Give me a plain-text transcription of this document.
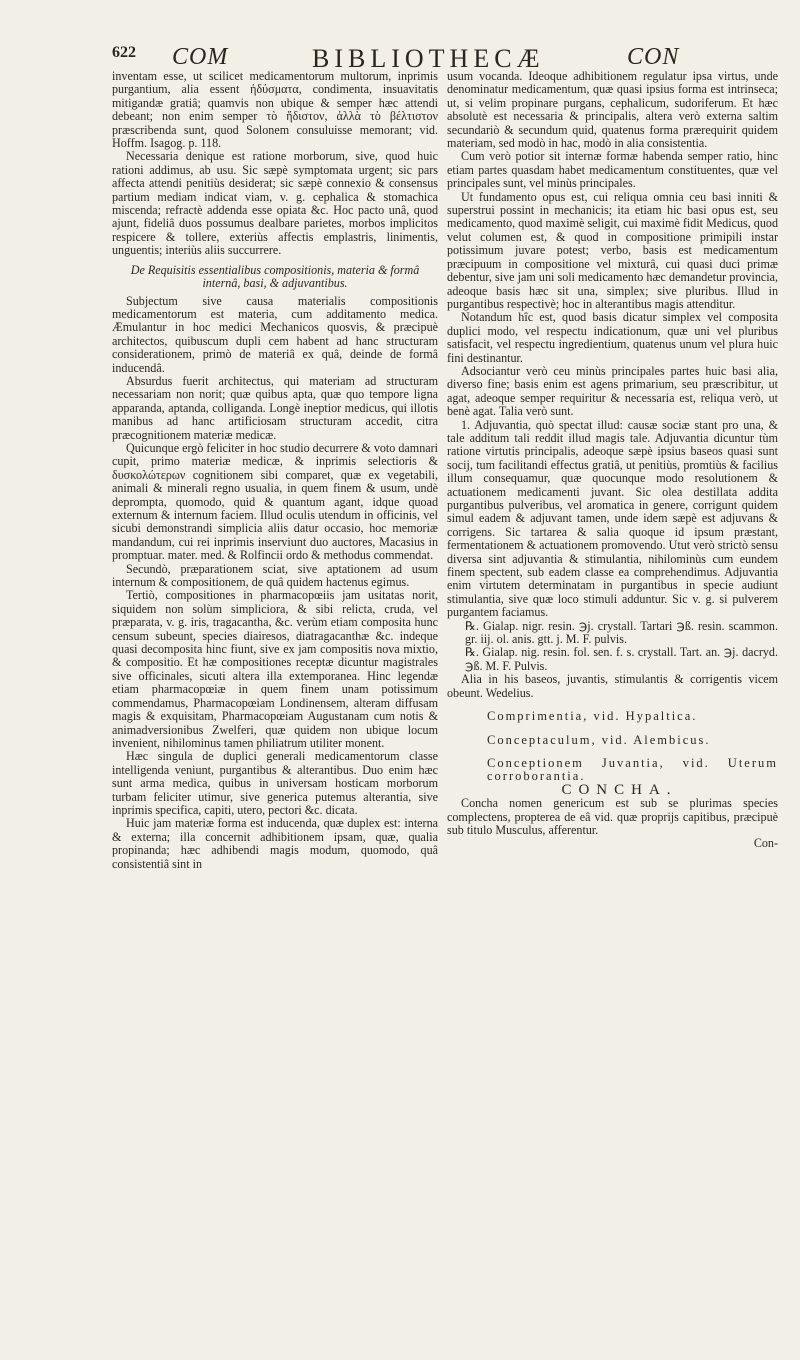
622 COM	BIBLIOTHECÆ	CON

inventam esse, ut scilicet medicamentorum multorum, inprimis purgantium, alia essent ἡδύσματα, condimenta, insuavitatis mitigandæ gratiâ; quamvis non ubique & semper hæc attendi debeant; non enim semper τὸ ἥδιστον, ἀλλὰ τὸ βέλτιστον præscribenda sunt, quod Solonem consuluisse memorant; vid. Hoffm. Isagog. p. 118.

Necessaria denique est ratione morborum, sive, quod huic rationi addimus, ab usu. Sic sæpè symptomata urgent; sic pars affecta attendi penitiùs desiderat; sic sæpè connexio & consensus partium mediam indicat viam, v. g. cephalica & stomachica miscenda; refractè addenda esse opiata &c. Hoc pacto unâ, quod ajunt, fideliâ duos possumus dealbare parietes, morbos implicitos respicere & tollere, exteriùs affectis emplastris, linimentis, unguentis; interiùs aliis succurrere.

De Requisitis essentialibus compositionis, materia & formâ internâ, basi, & adjuvantibus.

Subjectum sive causa materialis compositionis medicamentorum est materia, cum additamento medica. Æmulantur in hoc medici Mechanicos quosvis, & præcipuè architectos, quibuscum dupli cem habent ad hanc structuram considerationem, primò de materiâ ex quâ, deinde de formâ inducendâ.

Absurdus fuerit architectus, qui materiam ad structuram necessariam non norit; quæ quibus apta, quæ quo tempore ligna apparanda, aptanda, colliganda. Longè ineptior medicus, qui illotis manibus ad hanc artificiosam structuram accedit, citra præcognitionem materiæ medicæ.

Quicunque ergò feliciter in hoc studio decurrere & voto damnari cupit, primo materiæ medicæ, & inprimis selectioris & δυσκολώτερων cognitionem sibi comparet, quæ ex vegetabili, animali & minerali regno usualia, in quem finem & usum, undè deprompta, quomodo, quid & quantum agant, idque quoad externum & internum faciem. Illud oculis utendum in officinis, vel sicubi demonstrandi simplicia aliis datur occasio, hoc memoriæ mandandum, cui rei inprimis inserviunt duo auctores, Macasius in promptuar. mater. med. & Rolfincii ordo & methodus commendat.

Secundò, præparationem sciat, sive aptationem ad usum internum & compositionem, de quâ quidem hactenus egimus.

Tertiò, compositiones in pharmacopœiis jam usitatas norit, siquidem non solùm simpliciora, & sibi relicta, cruda, vel præparata, v. g. iris, tragacantha, &c. verùm etiam composita hunc censum subeunt, species diairesos, diatragacanthæ &c. indeque quasi decomposita hinc fiunt, sive ex jam compositis nova mixtio, & compositio. Et hæ compositiones receptæ dicuntur magistrales sive officinales, sicuti altera illa extemporanea. Hinc legendæ etiam pharmacopœiæ in quem finem unam potissimum commendamus, Pharmacopœiam Londinensem, alteram diffusam magis & exquisitam, Pharmacopœiam Augustanam cum notis & animadversionibus Zwelferi, quæ quidem non ubique locum invenient, nihilominus tamen philiatrum utiliter monent.

Hæc singula de duplici generali medicamentorum classe intelligenda veniunt, purgantibus & alterantibus. Duo enim hæc sunt arma medica, quibus in universam hosticam morborum turbam feliciter utimur, sive generica putemus alterantia, sive inprimis specifica, capiti, utero, pectori &c. dicata.

Huic jam materiæ forma est inducenda, quæ duplex est: interna & externa; illa concernit adhibitionem ipsam, quæ, qualia propinanda; hæc adhibendi magis modum, quomodo, quâ consistentiâ sint in

usum vocanda. Ideoque adhibitionem regulatur ipsa virtus, unde denominatur medicamentum, quæ quasi ipsius forma est intrinseca; ut, si velim propinare purgans, cephalicum, sudoriferum. Et hæc absolutè est necessaria & principalis, altera verò externa saltim secundariò & secundum quid, quatenus forma prærequirit quidem materiam, sed modò in hac, modò in alia consistentia.

Cum verò potior sit internæ formæ habenda semper ratio, hinc etiam partes quasdam habet medicamentum constituentes, quæ vel principales sunt, vel minùs principales.

Ut fundamento opus est, cui reliqua omnia ceu basi inniti & superstrui possint in mechanicis; ita etiam hic basi opus est, seu medicamento, quod maximè seligit, cui maximè fidit Medicus, quod velut columen est, & quod in compositione primipili instar potissimum juvare potest; verbo, basis est medicamentum præcipuum in compositione vel mixturâ, cui quasi duci primæ debentur, sive jam uni soli medicamento hæc demandetur provincia, adeoque basis hæc sit una, simplex; sive pluribus. Illud in purgantibus respectivè; hoc in alterantibus magis attenditur.

Notandum hîc est, quod basis dicatur simplex vel composita duplici modo, vel respectu indicationum, quæ uni vel pluribus satisfacit, vel respectu ingredientium, quatenus unum vel plura huic fini destinantur.

Adsociantur verò ceu minùs principales partes huic basi alia, diverso fine; basis enim est agens primarium, seu præscribitur, ut agat, adeoque semper requiritur & necessaria est, reliqua verò, ut benè agat. Talia verò sunt.

1. Adjuvantia, quò spectat illud: causæ sociæ stant pro una, & tale additum tali reddit illud magis tale. Adjuvantia dicuntur tùm ratione virtutis principalis, adeoque sæpè ipsius baseos quasi sunt socij, tum facilitandi effectus gratiâ, ut penitiùs, promtiùs & facilius illum consequamur, quæ quocunque modo resolutionem & actuationem medicamenti juvant. Sic olea destillata addita purgantibus pulveribus, vel aromatica in genere, corrigunt quidem simul eadem & adjuvant tamen, unde idem sæpè est adjuvans & corrigens. Sic tartarea & salia quoque id ipsum præstant, fermentationem & actuationem promovendo. Utut verò strictò sensu diversa sint adjuvantia & stimulantia, nihilominùs cum eundem finem spectent, sub eadem classe ea comprehendimus. Adjuvantia enim virtutem determinatam in purgantibus in specie audiunt stimulantia, sive quæ loco stimuli adduntur. Sic v. g. si pulverem purgantem faciamus.

℞. Gialap. nigr. resin. ℈j. crystall. Tartari ℈ß. resin. scammon. gr. iij. ol. anis. gtt. j. M. F. pulvis.

℞. Gialap. nig. resin. fol. sen. f. s. crystall. Tart. an. ℈j. dacryd. ℈ß. M. F. Pulvis.

Alia in his baseos, juvantis, stimulantis & corrigentis vicem obeunt. Wedelius.

Comprimentia, vid. Hypaltica.

Conceptaculum, vid. Alembicus.

Conceptionem Juvantia, vid. Uterum corroborantia.

CONCHA.

Concha nomen genericum est sub se plurimas species complectens, propterea de eâ vid. quæ proprijs capitibus, præcipuè sub titulo Musculus, afferentur.

Con-
